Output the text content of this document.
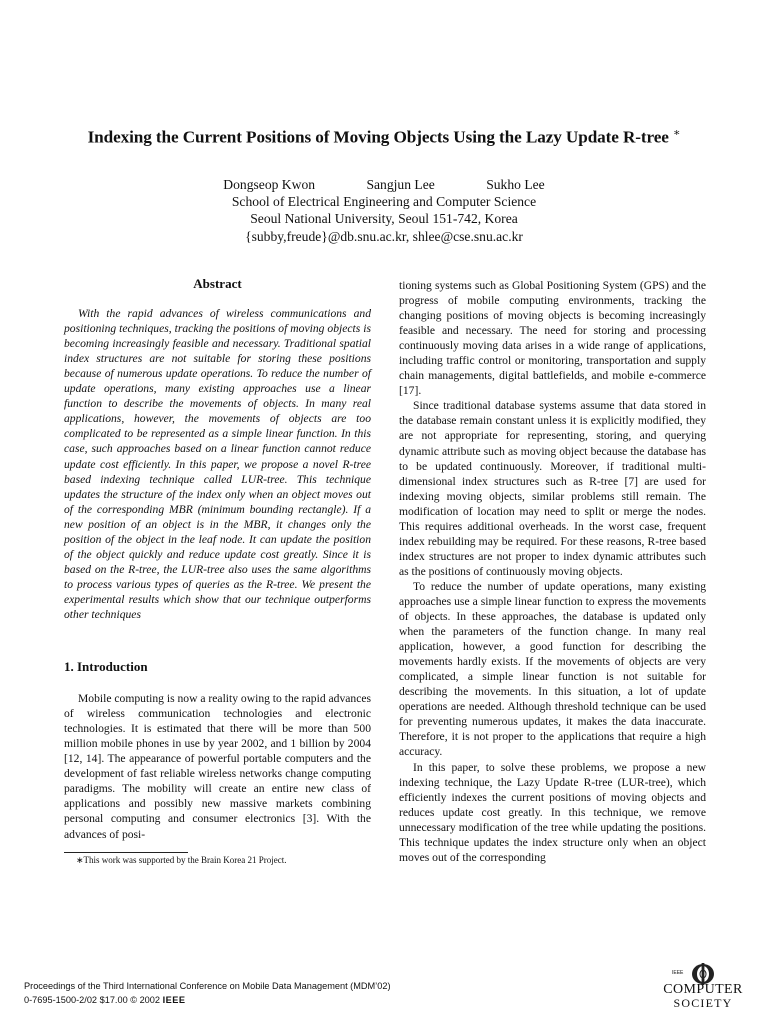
Indexing the Current Positions of Moving Objects Using the Lazy Update R-tree ∗
Dongseop Kwon	Sangjun Lee	Sukho Lee
School of Electrical Engineering and Computer Science
Seoul National University, Seoul 151-742, Korea
{subby,freude}@db.snu.ac.kr, shlee@cse.snu.ac.kr
Abstract

With the rapid advances of wireless communications and positioning techniques, tracking the positions of moving objects is becoming increasingly feasible and necessary. Traditional spatial index structures are not suitable for storing these positions because of numerous update operations. To reduce the number of update operations, many existing approaches use a linear function to describe the movements of objects. In many real applications, however, the movements of objects are too complicated to be represented as a simple linear function. In this case, such approaches based on a linear function cannot reduce update cost efficiently. In this paper, we propose a novel R-tree based indexing technique called LUR-tree. This technique updates the structure of the index only when an object moves out of the corresponding MBR (minimum bounding rectangle). If a new position of an object is in the MBR, it changes only the position of the object in the leaf node. It can update the position of the object quickly and reduce update cost greatly. Since it is based on the R-tree, the LUR-tree also uses the same algorithms to process various types of queries as the R-tree. We present the experimental results which show that our technique outperforms other techniques

1. Introduction

Mobile computing is now a reality owing to the rapid advances of wireless communication technologies and electronic technologies. It is estimated that there will be more than 500 million mobile phones in use by year 2002, and 1 billion by 2004 [12, 14]. The appearance of powerful portable computers and the development of fast reliable wireless networks change computing paradigms. The mobility will create an entire new class of applications and possibly new massive markets combining personal computing and consumer electronics [3]. With the advances of posi-

tioning systems such as Global Positioning System (GPS) and the progress of mobile computing environments, tracking the changing positions of moving objects is becoming increasingly feasible and necessary. The need for storing and processing continuously moving data arises in a wide range of applications, including traffic control or monitoring, transportation and supply chain managements, digital battlefields, and mobile e-commerce [17].

Since traditional database systems assume that data stored in the database remain constant unless it is explicitly modified, they are not appropriate for representing, storing, and querying dynamic attribute such as moving object because the database has to be updated continuously. Moreover, if traditional multi-dimensional index structures such as R-tree [7] are used for indexing moving objects, similar problems still remain. The modification of location may need to split or merge the nodes. This requires additional overheads. In the worst case, frequent index rebuilding may be required. For these reasons, R-tree based index structures are not proper to index dynamic attributes such as the positions of continuously moving objects.

To reduce the number of update operations, many existing approaches use a simple linear function to express the movements of objects. In these approaches, the database is updated only when the parameters of the function change. In many real application, however, a good function for describing the movements hardly exists. If the movements of objects are very complicated, a simple linear function is not suitable for describing the movements. In this situation, a lot of update operations are needed. Although threshold technique can be used for preventing numerous updates, it makes the data inaccurate. Therefore, it is not proper to the applications that require a high accuracy.

In this paper, to solve these problems, we propose a new indexing technique, the Lazy Update R-tree (LUR-tree), which efficiently indexes the current positions of moving objects and reduces update cost greatly. In this technique, we remove unnecessary modification of the tree while updating the positions. This technique updates the index structure only when an object moves out of the corresponding

∗This work was supported by the Brain Korea 21 Project.
Proceedings of the Third International Conference on Mobile Data Management (MDM’02)
0-7695-1500-2/02 $17.00 © 2002 IEEE
IEEE
COMPUTER
SOCIETY
